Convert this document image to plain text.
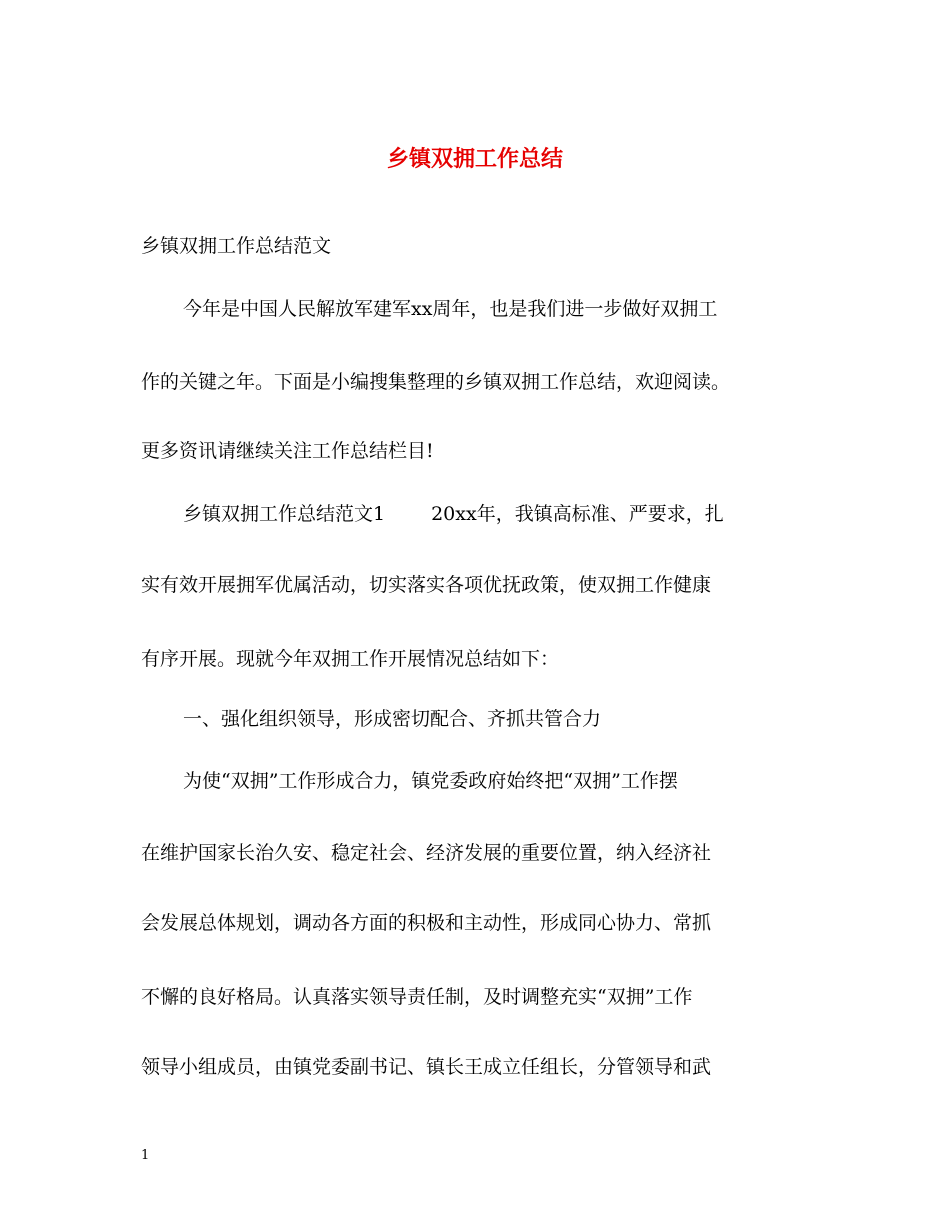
乡镇双拥工作总结

乡镇双拥工作总结范文

今年是中国人民解放军建军xx周年，也是我们进一步做好双拥工

作的关键之年。下面是小编搜集整理的乡镇双拥工作总结，欢迎阅读。

更多资讯请继续关注工作总结栏目!

乡镇双拥工作总结范文1 20xx年，我镇高标准、严要求，扎

实有效开展拥军优属活动，切实落实各项优抚政策，使双拥工作健康

有序开展。现就今年双拥工作开展情况总结如下：

一、强化组织领导，形成密切配合、齐抓共管合力

为使“双拥”工作形成合力，镇党委政府始终把“双拥”工作摆

在维护国家长治久安、稳定社会、经济发展的重要位置，纳入经济社

会发展总体规划，调动各方面的积极和主动性，形成同心协力、常抓

不懈的良好格局。认真落实领导责任制，及时调整充实“双拥”工作

领导小组成员，由镇党委副书记、镇长王成立任组长，分管领导和武

1
